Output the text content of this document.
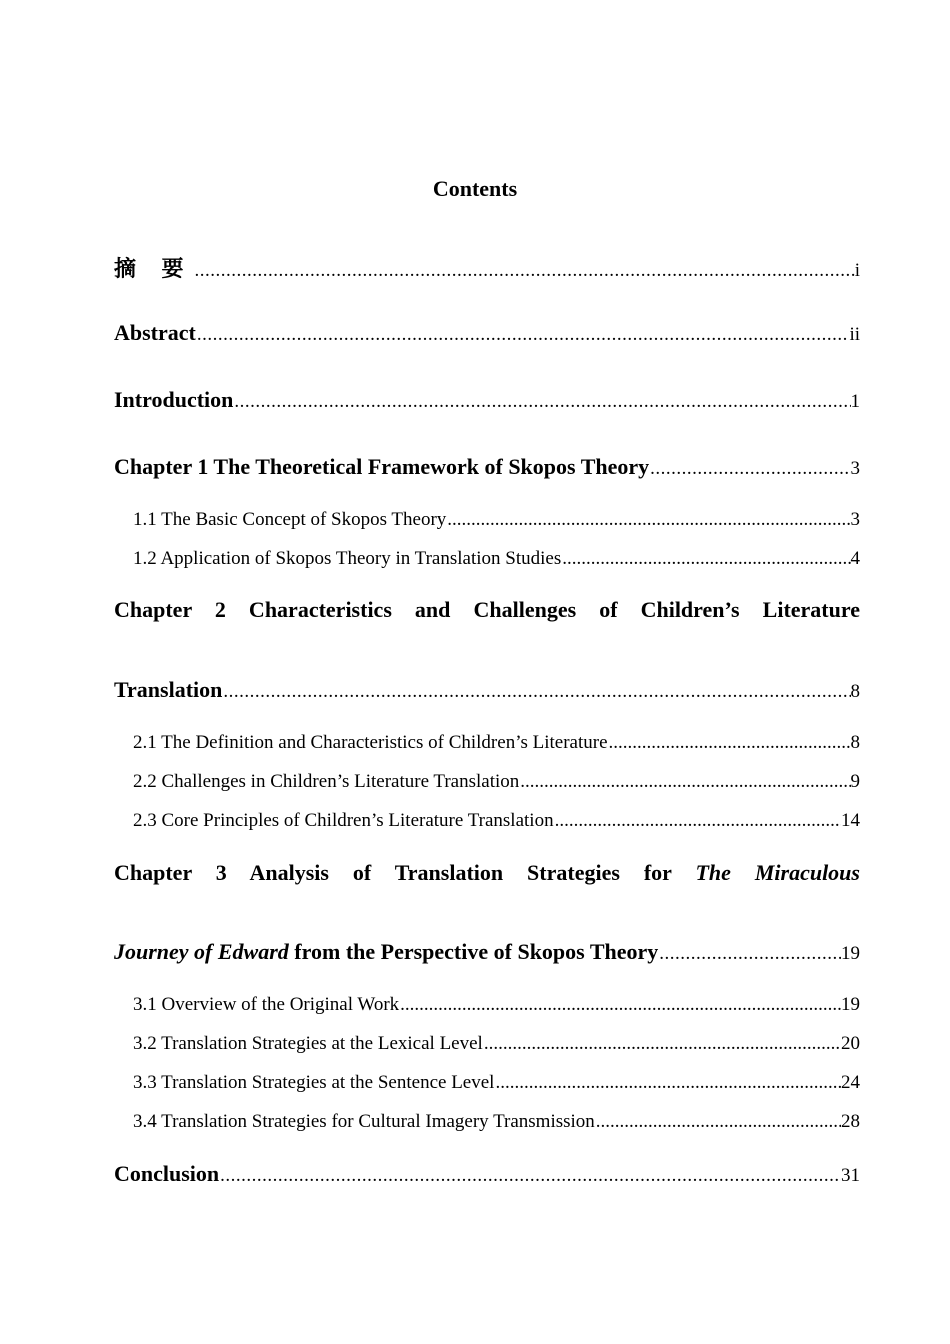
Contents
摘 要 .....	i
Abstract .....	ii
Introduction .....	1
Chapter 1 The Theoretical Framework of Skopos Theory .....	3
1.1 The Basic Concept of Skopos Theory .....	3
1.2 Application of Skopos Theory in Translation Studies .....	4
Chapter 2 Characteristics and Challenges of Children’s Literature
Translation .....	8
2.1 The Definition and Characteristics of Children’s Literature .....	8
2.2 Challenges in Children’s Literature Translation .....	9
2.3 Core Principles of Children’s Literature Translation .....	14
Chapter 3 Analysis of Translation Strategies for The Miraculous
Journey of Edward from the Perspective of Skopos Theory .....	19
3.1 Overview of the Original Work .....	19
3.2 Translation Strategies at the Lexical Level .....	20
3.3 Translation Strategies at the Sentence Level .....	24
3.4 Translation Strategies for Cultural Imagery Transmission .....	28
Conclusion .....	31
